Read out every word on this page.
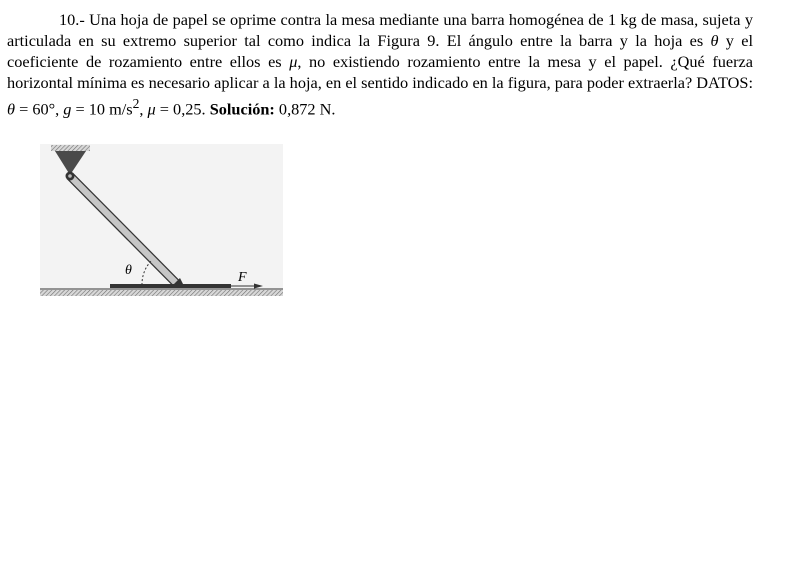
10.- Una hoja de papel se oprime contra la mesa mediante una barra homogénea de 1 kg de masa, sujeta y articulada en su extremo superior tal como indica la Figura 9. El ángulo entre la barra y la hoja es θ y el coeficiente de rozamiento entre ellos es μ, no existiendo rozamiento entre la mesa y el papel. ¿Qué fuerza horizontal mínima es necesario aplicar a la hoja, en el sentido indicado en la figura, para poder extraerla? DATOS: θ = 60°, g = 10 $m/s^2$, μ = 0,25. Solución: 0,872 N.

θ	F
